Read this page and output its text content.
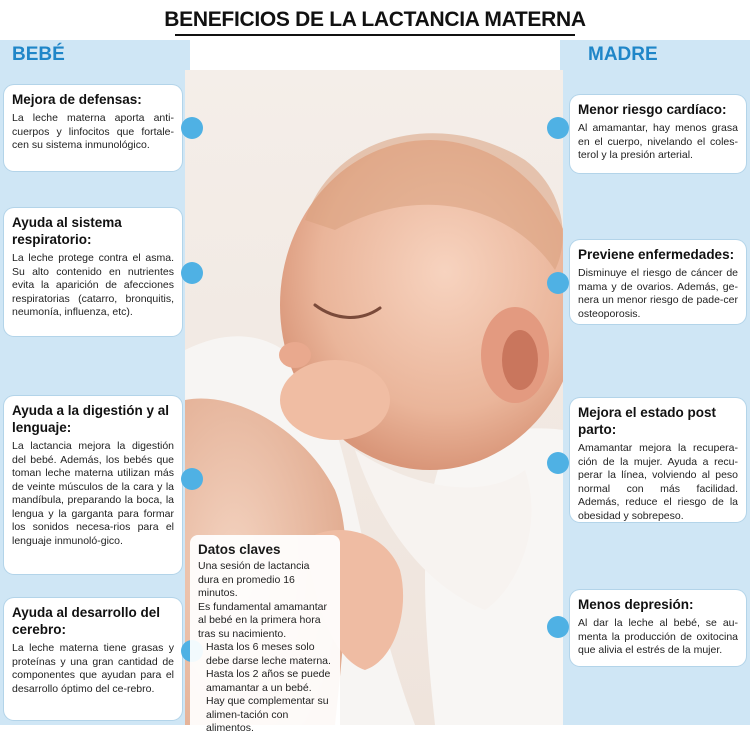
BENEFICIOS DE LA LACTANCIA MATERNA
BEBÉ	MADRE
Mejora de defensas:

La leche materna aporta anti-cuerpos y linfocitos que fortale-cen su sistema inmunológico.

Ayuda al sistema respiratorio:

La leche protege contra el asma. Su alto contenido en nutrientes evita la aparición de afecciones respiratorias (catarro, bronquitis, neumonía, influenza, etc).

Ayuda a la digestión y al lenguaje:

La lactancia mejora la digestión del bebé. Además, los bebés que toman leche materna utilizan más de veinte músculos de la cara y la mandíbula, preparando la boca, la lengua y la garganta para formar los sonidos necesa-rios para el lenguaje inmunoló-gico.

Ayuda al desarrollo del cerebro:

La leche materna tiene grasas y proteínas y una gran cantidad de componentes que ayudan para el desarrollo óptimo del ce-rebro.

Menor riesgo cardíaco:

Al amamantar, hay menos grasa en el cuerpo, nivelando el coles-terol y la presión arterial.

Previene enfermedades:

Disminuye el riesgo de cáncer de mama y de ovarios. Además, ge-nera un menor riesgo de pade-cer osteoporosis.

Mejora el estado post parto:

Amamantar mejora la recupera-ción de la mujer. Ayuda a recu-perar la línea, volviendo al peso normal con más facilidad. Además, reduce el riesgo de la obesidad y sobrepeso.

Menos depresión:

Al dar la leche al bebé, se au-menta la producción de oxitocina que alivia el estrés de la mujer.

Datos claves

Una sesión de lactancia dura en promedio 16 minutos.

Es fundamental amamantar al bebé en la primera hora tras su nacimiento.

Hasta los 6 meses solo debe darse leche materna.

Hasta los 2 años se puede amamantar a un bebé. Hay que complementar su alimen-tación con alimentos.
